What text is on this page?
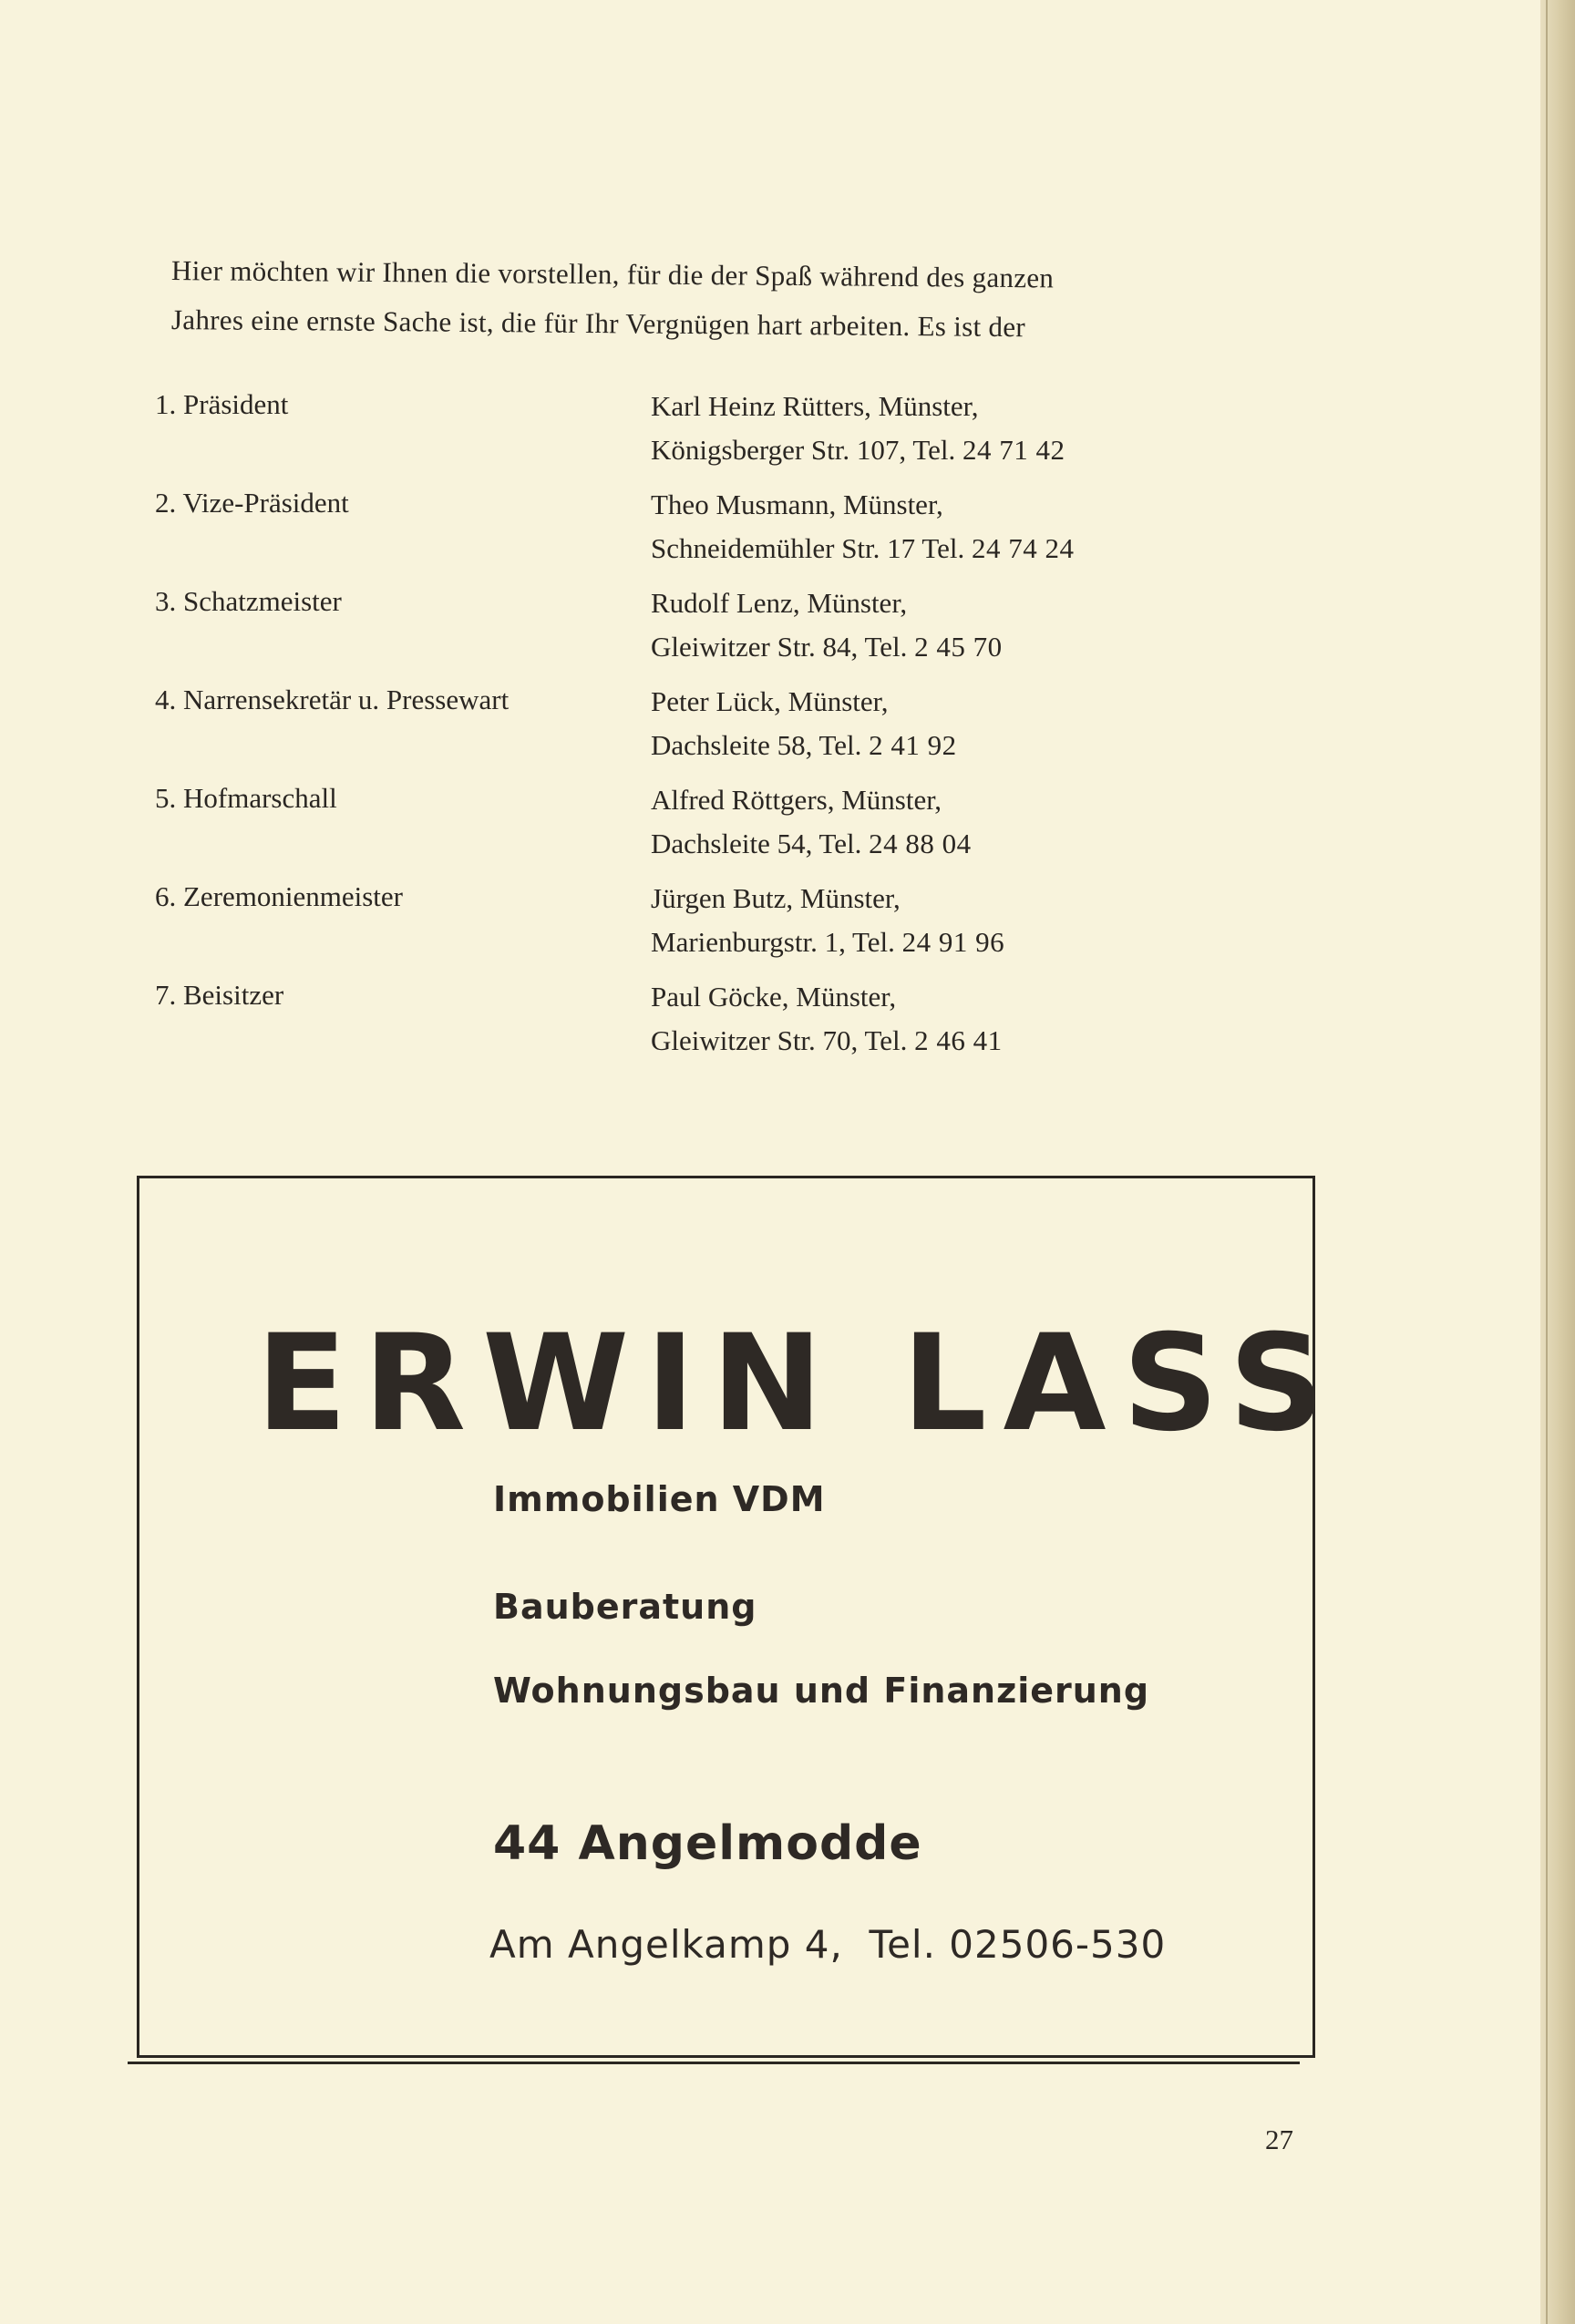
Hier möchten wir Ihnen die vorstellen, für die der Spaß während des ganzen

Jahres eine ernste Sache ist, die für Ihr Vergnügen hart arbeiten. Es ist der

1. Präsident	Karl Heinz Rütters, Münster,
Königsberger Str. 107, Tel. 24 71 42
2. Vize-Präsident	Theo Musmann, Münster,
Schneidemühler Str. 17 Tel. 24 74 24
3. Schatzmeister	Rudolf Lenz, Münster,
Gleiwitzer Str. 84, Tel. 2 45 70
4. Narrensekretär u. Pressewart	Peter Lück, Münster,
Dachsleite 58, Tel. 2 41 92
5. Hofmarschall	Alfred Röttgers, Münster,
Dachsleite 54, Tel. 24 88 04
6. Zeremonienmeister	Jürgen Butz, Münster,
Marienburgstr. 1, Tel. 24 91 96
7. Beisitzer	Paul Göcke, Münster,
Gleiwitzer Str. 70, Tel. 2 46 41
ERWIN LASS
Immobilien VDM
Bauberatung
Wohnungsbau und Finanzierung
44 Angelmodde
Am Angelkamp 4, Tel. 02506-530
27
